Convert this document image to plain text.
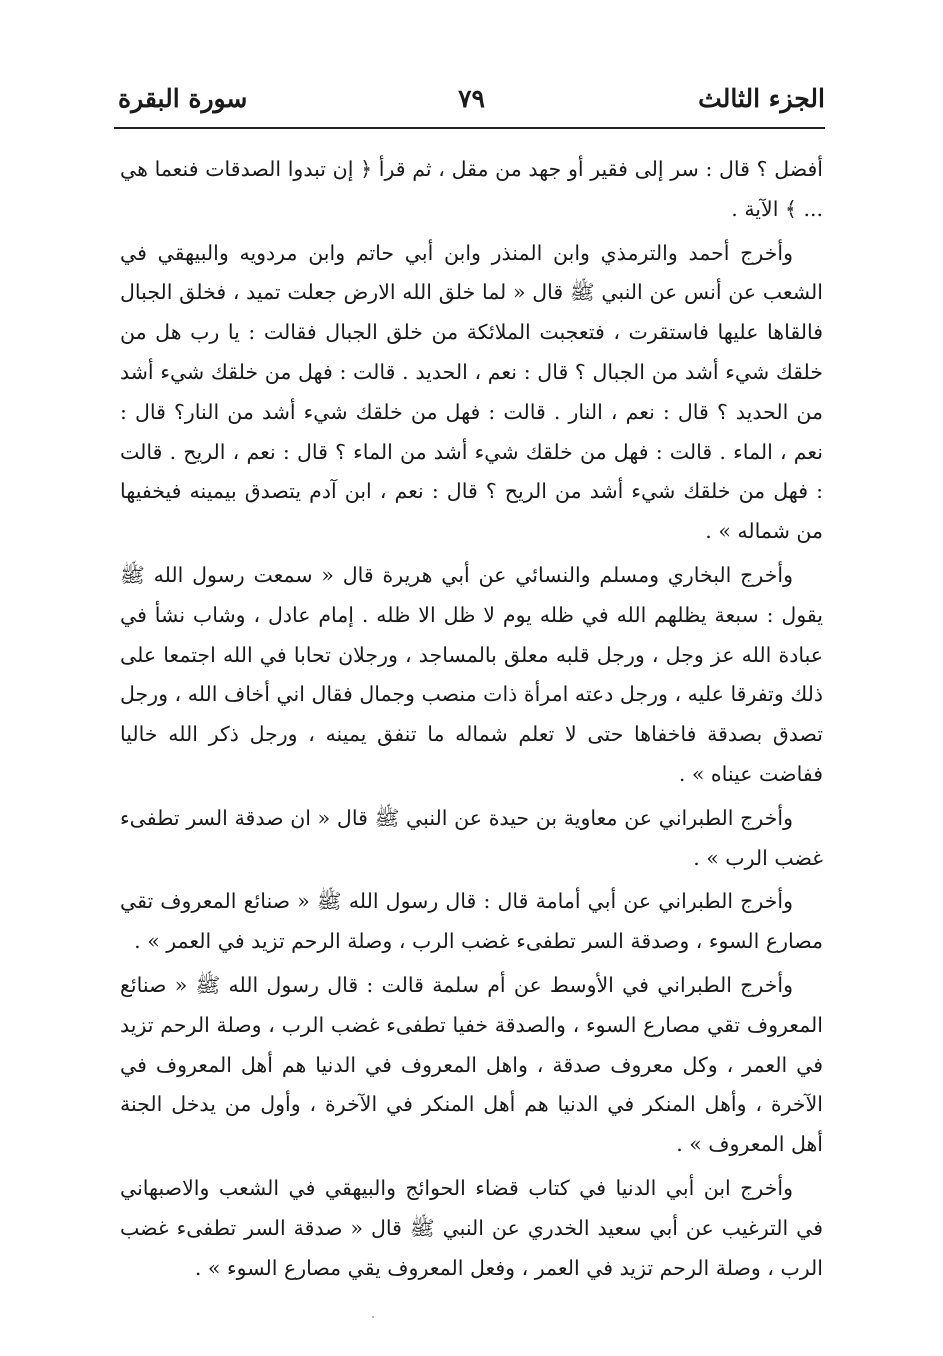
الجزء الثالث
٧٩
سورة البقرة

أفضل ؟ قال : سر إلى فقير أو جهد من مقل ، ثم قرأ ﴿ إن تبدوا الصدقات فنعما هي ... ﴾ الآية .

وأخرج أحمد والترمذي وابن المنذر وابن أبي حاتم وابن مردويه والبيهقي في الشعب عن أنس عن النبي ﷺ قال « لما خلق الله الارض جعلت تميد ، فخلق الجبال فالقاها عليها فاستقرت ، فتعجبت الملائكة من خلق الجبال فقالت : يا رب هل من خلقك شيء أشد من الجبال ؟ قال : نعم ، الحديد . قالت : فهل من خلقك شيء أشد من الحديد ؟ قال : نعم ، النار . قالت : فهل من خلقك شيء أشد من النار؟ قال : نعم ، الماء . قالت : فهل من خلقك شيء أشد من الماء ؟ قال : نعم ، الريح . قالت : فهل من خلقك شيء أشد من الريح ؟ قال : نعم ، ابن آدم يتصدق بيمينه فيخفيها من شماله » .

وأخرج البخاري ومسلم والنسائي عن أبي هريرة قال « سمعت رسول الله ﷺ يقول : سبعة يظلهم الله في ظله يوم لا ظل الا ظله . إمام عادل ، وشاب نشأ في عبادة الله عز وجل ، ورجل قلبه معلق بالمساجد ، ورجلان تحابا في الله اجتمعا على ذلك وتفرقا عليه ، ورجل دعته امرأة ذات منصب وجمال فقال اني أخاف الله ، ورجل تصدق بصدقة فاخفاها حتى لا تعلم شماله ما تنفق يمينه ، ورجل ذكر الله خاليا ففاضت عيناه » .

وأخرج الطبراني عن معاوية بن حيدة عن النبي ﷺ قال « ان صدقة السر تطفىء غضب الرب » .

وأخرج الطبراني عن أبي أمامة قال : قال رسول الله ﷺ « صنائع المعروف تقي مصارع السوء ، وصدقة السر تطفىء غضب الرب ، وصلة الرحم تزيد في العمر » .

وأخرج الطبراني في الأوسط عن أم سلمة قالت : قال رسول الله ﷺ « صنائع المعروف تقي مصارع السوء ، والصدقة خفيا تطفىء غضب الرب ، وصلة الرحم تزيد في العمر ، وكل معروف صدقة ، واهل المعروف في الدنيا هم أهل المعروف في الآخرة ، وأهل المنكر في الدنيا هم أهل المنكر في الآخرة ، وأول من يدخل الجنة أهل المعروف » .

وأخرج ابن أبي الدنيا في كتاب قضاء الحوائج والبيهقي في الشعب والاصبهاني في الترغيب عن أبي سعيد الخدري عن النبي ﷺ قال « صدقة السر تطفىء غضب الرب ، وصلة الرحم تزيد في العمر ، وفعل المعروف يقي مصارع السوء » .
